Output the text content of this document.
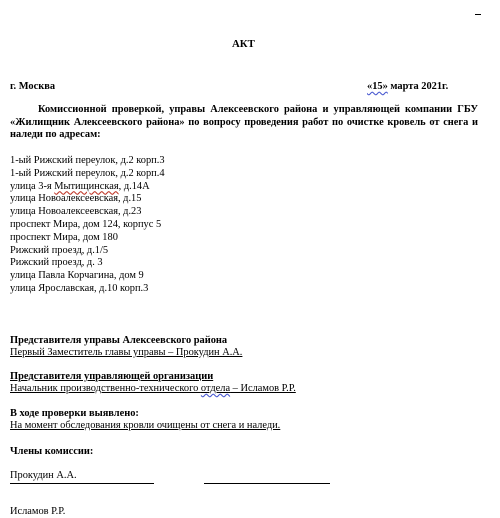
АКТ
г. Москва	«15» марта 2021г.
Комиссионной проверкой, управы Алексеевского района и управляющей компании ГБУ «Жилищник Алексеевского района» по вопросу проведения работ по очистке кровель от снега и наледи по адресам:
1-ый Рижский переулок, д.2 корп.3
1-ый Рижский переулок, д.2 корп.4
улица 3-я Мытищинская, д.14А
улица Новоалексеевская, д.15
улица Новоалексеевская, д.23
проспект Мира, дом 124, корпус 5
проспект Мира, дом 180
Рижский проезд, д.1/5
Рижский проезд, д. 3
улица Павла Корчагина, дом 9
улица Ярославская, д.10 корп.3
Представителя управы Алексеевского района
Первый Заместитель главы управы – Прокудин А.А.
Представителя управляющей организации
Начальник производственно-технического отдела – Исламов Р.Р.
В ходе проверки выявлено:
На момент обследования кровли очищены от снега и наледи.
Члены комиссии:
Прокудин А.А.
Исламов Р.Р.
